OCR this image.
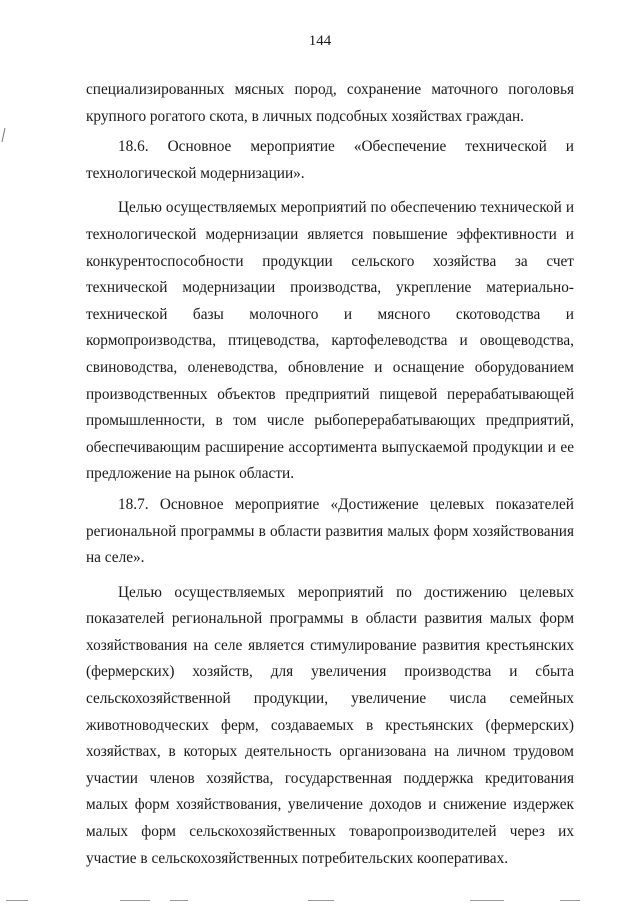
144

специализированных мясных пород, сохранение маточного поголовья крупного рогатого скота, в личных подсобных хозяйствах граждан.

18.6. Основное мероприятие «Обеспечение технической и технологической модернизации».

Целью осуществляемых мероприятий по обеспечению технической и технологической модернизации является повышение эффективности и конкурентоспособности продукции сельского хозяйства за счет технической модернизации производства, укрепление материально-технической базы молочного и мясного скотоводства и кормопроизводства, птицеводства, картофелеводства и овощеводства, свиноводства, оленеводства, обновление и оснащение оборудованием производственных объектов предприятий пищевой перерабатывающей промышленности, в том числе рыбоперерабатывающих предприятий, обеспечивающим расширение ассортимента выпускаемой продукции и ее предложение на рынок области.

18.7. Основное мероприятие «Достижение целевых показателей региональной программы в области развития малых форм хозяйствования на селе».

Целью осуществляемых мероприятий по достижению целевых показателей региональной программы в области развития малых форм хозяйствования на селе является стимулирование развития крестьянских (фермерских) хозяйств, для увеличения производства и сбыта сельскохозяйственной продукции, увеличение числа семейных животноводческих ферм, создаваемых в крестьянских (фермерских) хозяйствах, в которых деятельность организована на личном трудовом участии членов хозяйства, государственная поддержка кредитования малых форм хозяйствования, увеличение доходов и снижение издержек малых форм сельскохозяйственных товаропроизводителей через их участие в сельскохозяйственных потребительских кооперативах.
